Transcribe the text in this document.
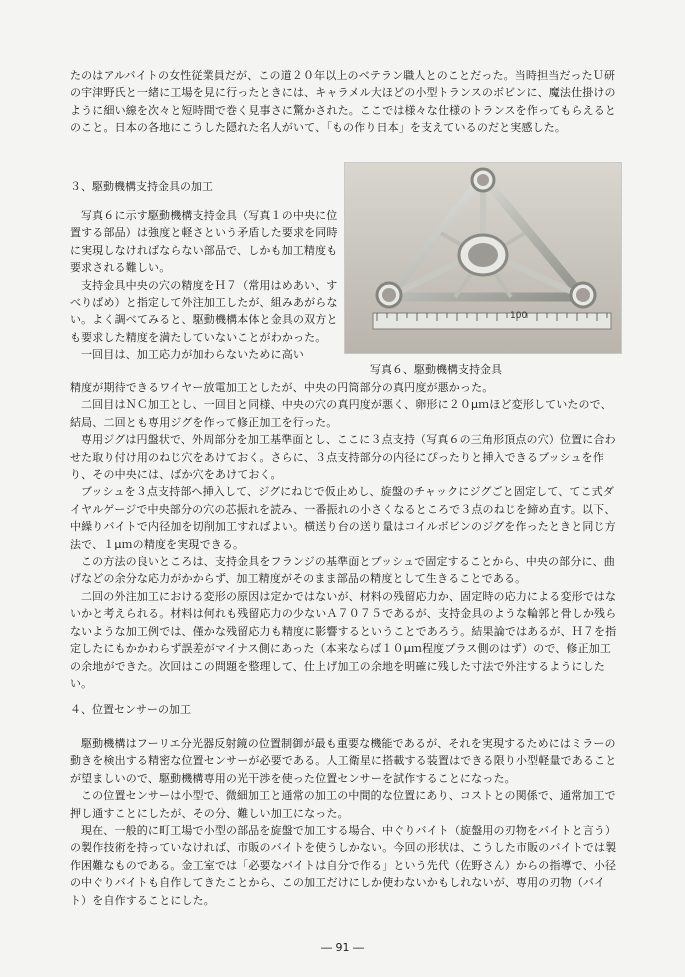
たのはアルバイトの女性従業員だが、この道２０年以上のベテラン職人とのことだった。当時担当だったＵ研の宇津野氏と一緒に工場を見に行ったときには、キャラメル大ほどの小型トランスのボビンに、魔法仕掛けのように細い線を次々と短時間で巻く見事さに驚かされた。ここでは様々な仕様のトランスを作ってもらえるとのこと。日本の各地にこうした隠れた名人がいて、「もの作り日本」を支えているのだと実感した。

３、駆動機構支持金具の加工

写真６に示す駆動機構支持金具（写真１の中央に位置する部品）は強度と軽さという矛盾した要求を同時に実現しなければならない部品で、しかも加工精度も要求される難しい。

支持金具中央の穴の精度をＨ７（常用はめあい、すべりばめ）と指定して外注加工したが、組みあがらない。よく調べてみると、駆動機構本体と金具の双方とも要求した精度を満たしていないことがわかった。

一回目は、加工応力が加わらないために高い

100
写真６、駆動機構支持金具

精度が期待できるワイヤー放電加工としたが、中央の円筒部分の真円度が悪かった。

二回目はＮＣ加工とし、一回目と同様、中央の穴の真円度が悪く、卵形に２０μｍほど変形していたので、結局、二回とも専用ジグを作って修正加工を行った。

専用ジグは円盤状で、外周部分を加工基準面とし、ここに３点支持（写真６の三角形頂点の穴）位置に合わせた取り付け用のねじ穴をあけておく。さらに、３点支持部分の内径にぴったりと挿入できるブッシュを作り、その中央には、ばか穴をあけておく。

ブッシュを３点支持部へ挿入して、ジグにねじで仮止めし、旋盤のチャックにジグごと固定して、てこ式ダイヤルゲージで中央部分の穴の芯振れを読み、一番振れの小さくなるところで３点のねじを締め直す。以下、中繰りバイトで内径加を切削加工すればよい。横送り台の送り量はコイルボビンのジグを作ったときと同じ方法で、１μｍの精度を実現できる。

この方法の良いところは、支持金具をフランジの基準面とブッシュで固定することから、中央の部分に、曲げなどの余分な応力がかからず、加工精度がそのまま部品の精度として生きることである。

二回の外注加工における変形の原因は定かではないが、材料の残留応力か、固定時の応力による変形ではないかと考えられる。材料は何れも残留応力の少ないＡ７０７５であるが、支持金具のような輪郭と骨しか残らないような加工例では、僅かな残留応力も精度に影響するということであろう。結果論ではあるが、Ｈ７を指定したにもかかわらず誤差がマイナス側にあった（本来ならば１０μｍ程度プラス側のはず）ので、修正加工の余地ができた。次回はこの問題を整理して、仕上げ加工の余地を明確に残した寸法で外注するようにしたい。

４、位置センサーの加工

駆動機構はフーリエ分光器反射鏡の位置制御が最も重要な機能であるが、それを実現するためにはミラーの動きを検出する精密な位置センサーが必要である。人工衛星に搭載する装置はできる限り小型軽量であることが望ましいので、駆動機構専用の光干渉を使った位置センサーを試作することになった。

この位置センサーは小型で、微細加工と通常の加工の中間的な位置にあり、コストとの関係で、通常加工で押し通すことにしたが、その分、難しい加工になった。

現在、一般的に町工場で小型の部品を旋盤で加工する場合、中ぐりバイト（旋盤用の刃物をバイトと言う）の製作技術を持っていなければ、市販のバイトを使うしかない。今回の形状は、こうした市販のバイトでは製作困難なものである。金工室では「必要なバイトは自分で作る」という先代（佐野さん）からの指導で、小径の中ぐりバイトも自作してきたことから、この加工だけにしか使わないかもしれないが、専用の刃物（バイト）を自作することにした。

― 91 ―
